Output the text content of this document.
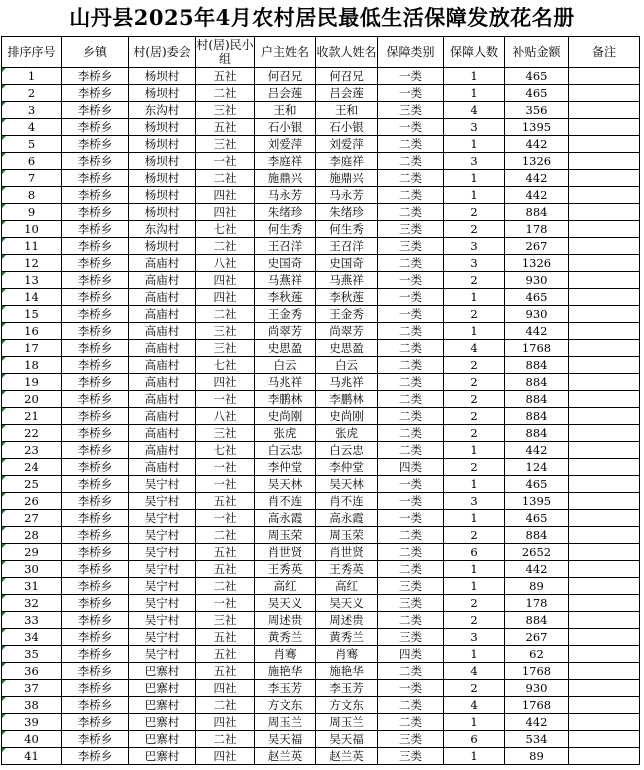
山丹县2025年4月农村居民最低生活保障发放花名册
排序序号	乡镇	村(居)委会	村(居)民小组	户主姓名	收款人姓名	保障类别	保障人数	补贴金额	备注
1	李桥乡	杨坝村	五社	何召兄	何召兄	一类	1	465	
2	李桥乡	杨坝村	二社	吕会莲	吕会莲	一类	1	465	
3	李桥乡	东沟村	三社	王和	王和	三类	4	356	
4	李桥乡	杨坝村	五社	石小银	石小银	一类	3	1395	
5	李桥乡	杨坝村	三社	刘爱萍	刘爱萍	二类	1	442	
6	李桥乡	杨坝村	一社	李庭祥	李庭祥	二类	3	1326	
7	李桥乡	杨坝村	二社	施鼎兴	施鼎兴	二类	1	442	
8	李桥乡	杨坝村	四社	马永芳	马永芳	二类	1	442	
9	李桥乡	杨坝村	四社	朱绪珍	朱绪珍	二类	2	884	
10	李桥乡	东沟村	七社	何生秀	何生秀	三类	2	178	
11	李桥乡	杨坝村	二社	王召洋	王召洋	三类	3	267	
12	李桥乡	高庙村	八社	史国奇	史国奇	二类	3	1326	
13	李桥乡	高庙村	四社	马燕祥	马燕祥	一类	2	930	
14	李桥乡	高庙村	四社	李秋莲	李秋莲	一类	1	465	
15	李桥乡	高庙村	二社	王金秀	王金秀	一类	2	930	
16	李桥乡	高庙村	三社	尚翠芳	尚翠芳	二类	1	442	
17	李桥乡	高庙村	三社	史思盈	史思盈	二类	4	1768	
18	李桥乡	高庙村	七社	白云	白云	二类	2	884	
19	李桥乡	高庙村	四社	马兆祥	马兆祥	二类	2	884	
20	李桥乡	高庙村	一社	李鹏林	李鹏林	二类	2	884	
21	李桥乡	高庙村	八社	史尚刚	史尚刚	二类	2	884	
22	李桥乡	高庙村	三社	张虎	张虎	二类	2	884	
23	李桥乡	高庙村	七社	白云忠	白云忠	二类	1	442	
24	李桥乡	高庙村	一社	李仲堂	李仲堂	四类	2	124	
25	李桥乡	吴宁村	一社	吴天林	吴天林	一类	1	465	
26	李桥乡	吴宁村	五社	肖不连	肖不连	一类	3	1395	
27	李桥乡	吴宁村	一社	高永霞	高永霞	一类	1	465	
28	李桥乡	吴宁村	二社	周玉荣	周玉荣	二类	2	884	
29	李桥乡	吴宁村	五社	肖世贤	肖世贤	二类	6	2652	
30	李桥乡	吴宁村	五社	王秀英	王秀英	二类	1	442	
31	李桥乡	吴宁村	二社	高红	高红	三类	1	89	
32	李桥乡	吴宁村	一社	吴天义	吴天义	三类	2	178	
33	李桥乡	吴宁村	三社	周述贵	周述贵	二类	2	884	
34	李桥乡	吴宁村	五社	黄秀兰	黄秀兰	三类	3	267	
35	李桥乡	吴宁村	五社	肖骞	肖骞	四类	1	62	
36	李桥乡	巴寨村	五社	施艳华	施艳华	二类	4	1768	
37	李桥乡	巴寨村	四社	李玉芳	李玉芳	一类	2	930	
38	李桥乡	巴寨村	二社	方文东	方文东	二类	4	1768	
39	李桥乡	巴寨村	四社	周玉兰	周玉兰	二类	1	442	
40	李桥乡	巴寨村	二社	吴天福	吴天福	三类	6	534	
41	李桥乡	巴寨村	四社	赵兰英	赵兰英	三类	1	89	
